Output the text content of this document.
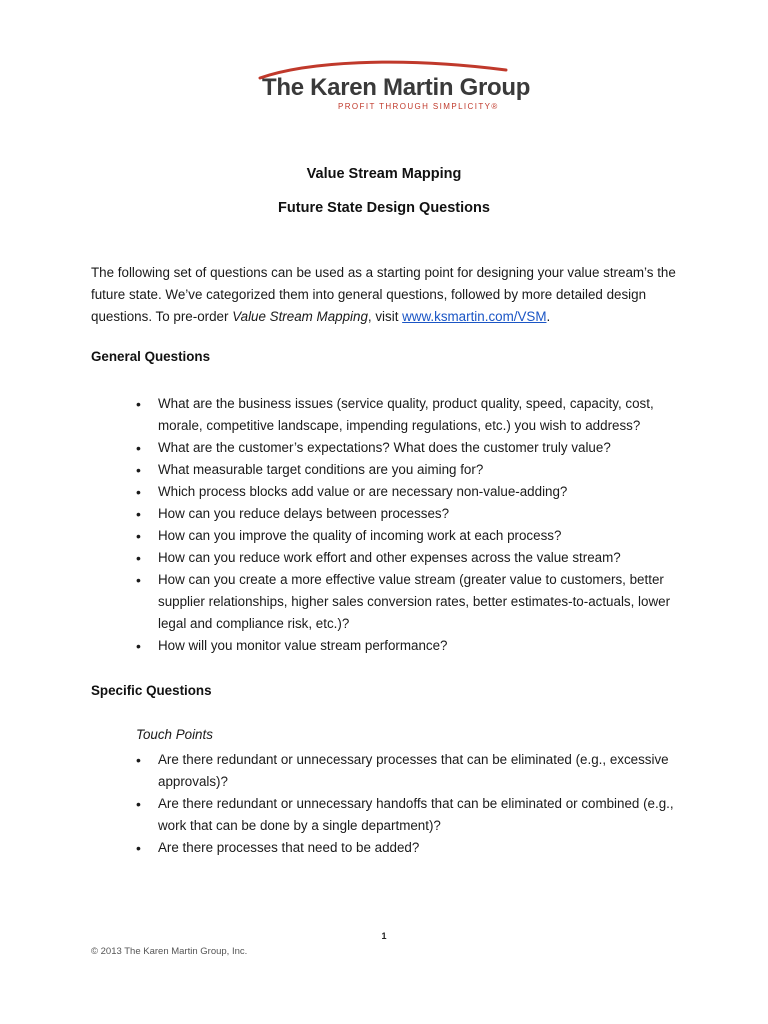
The Karen Martin Group
PROFIT THROUGH SIMPLICITY®
Value Stream Mapping
Future State Design Questions
The following set of questions can be used as a starting point for designing your value stream’s the future state. We’ve categorized them into general questions, followed by more detailed design questions. To pre-order Value Stream Mapping, visit www.ksmartin.com/VSM.
General Questions
• What are the business issues (service quality, product quality, speed, capacity, cost, morale, competitive landscape, impending regulations, etc.) you wish to address?
• What are the customer’s expectations? What does the customer truly value?
• What measurable target conditions are you aiming for?
• Which process blocks add value or are necessary non-value-adding?
• How can you reduce delays between processes?
• How can you improve the quality of incoming work at each process?
• How can you reduce work effort and other expenses across the value stream?
• How can you create a more effective value stream (greater value to customers, better supplier relationships, higher sales conversion rates, better estimates-to-actuals, lower legal and compliance risk, etc.)?
• How will you monitor value stream performance?
Specific Questions
Touch Points
• Are there redundant or unnecessary processes that can be eliminated (e.g., excessive approvals)?
• Are there redundant or unnecessary handoffs that can be eliminated or combined (e.g., work that can be done by a single department)?
• Are there processes that need to be added?
1
© 2013 The Karen Martin Group, Inc.
